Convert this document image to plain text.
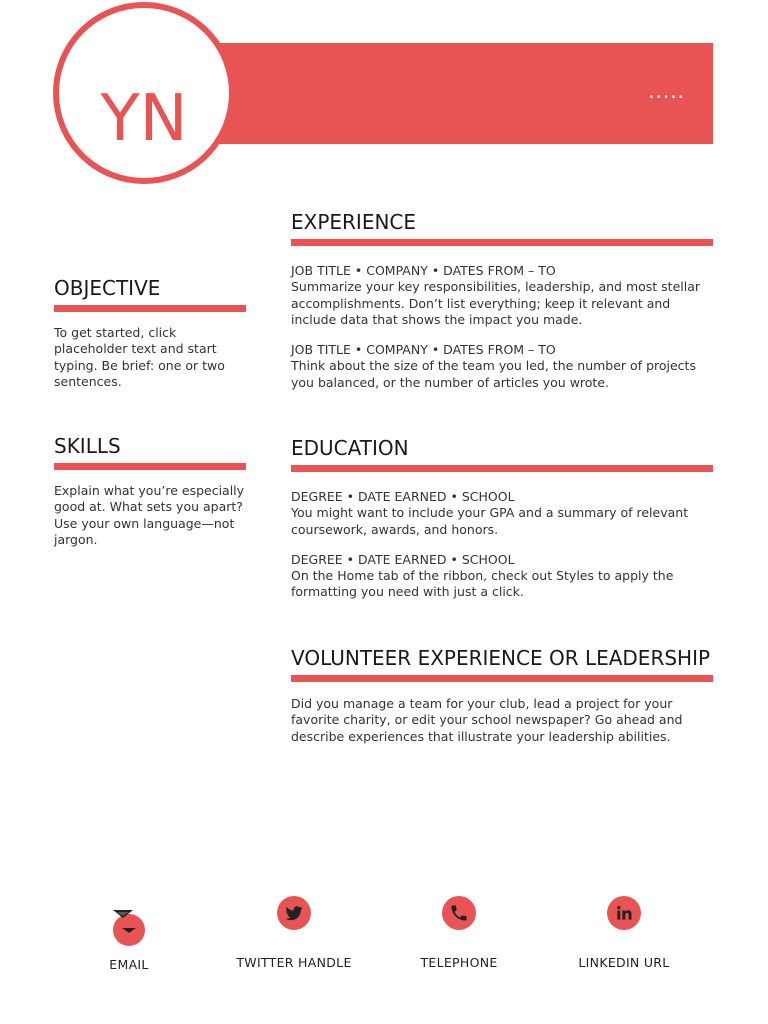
.....
YN
OBJECTIVE

To get started, click placeholder text and start typing. Be brief: one or two sentences.

SKILLS

Explain what you’re especially good at. What sets you apart? Use your own language—not jargon.

EXPERIENCE
JOB TITLE • COMPANY • DATES FROM – TO

Summarize your key responsibilities, leadership, and most stellar accomplishments. Don’t list everything; keep it relevant and include data that shows the impact you made.

JOB TITLE • COMPANY • DATES FROM – TO

Think about the size of the team you led, the number of projects you balanced, or the number of articles you wrote.

EDUCATION
DEGREE • DATE EARNED • SCHOOL

You might want to include your GPA and a summary of relevant coursework, awards, and honors.

DEGREE • DATE EARNED • SCHOOL

On the Home tab of the ribbon, check out Styles to apply the formatting you need with just a click.

VOLUNTEER EXPERIENCE OR LEADERSHIP

Did you manage a team for your club, lead a project for your favorite charity, or edit your school newspaper? Go ahead and describe experiences that illustrate your leadership abilities.

EMAIL	TWITTER HANDLE	TELEPHONE	LINKEDIN URL
